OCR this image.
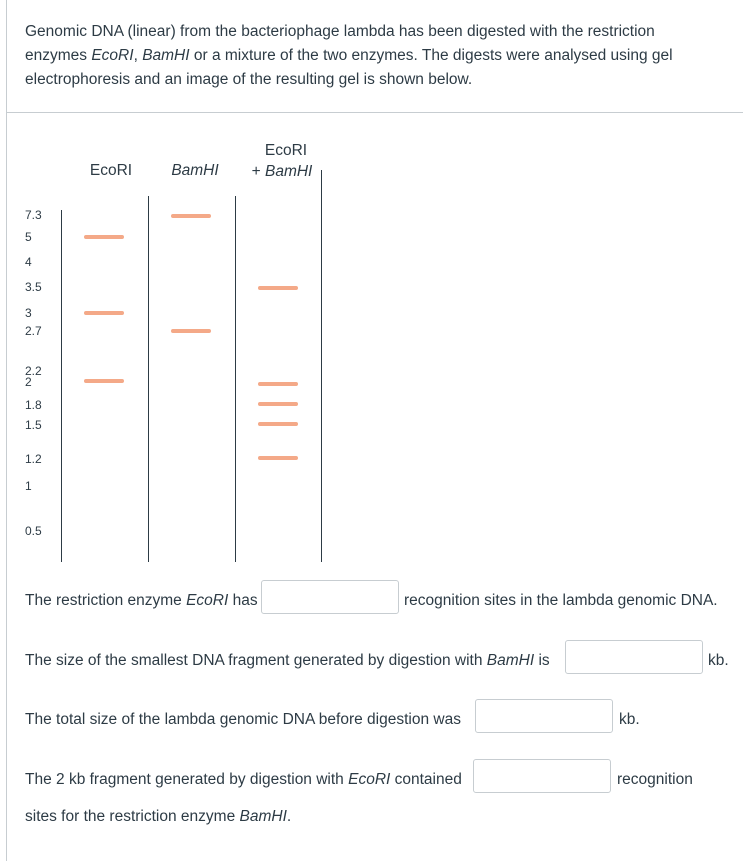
Genomic DNA (linear) from the bacteriophage lambda has been digested with the restriction
enzymes EcoRI, BamHI or a mixture of the two enzymes. The digests were analysed using gel
electrophoresis and an image of the resulting gel is shown below.

EcoRI	BamHI
EcoRI
+ BamHI
7.3
5
4
3.5
3
2.7
2.2
2
1.8
1.5
1.2
1
0.5
The restriction enzyme EcoRI has	recognition sites in the lambda genomic DNA.
The size of the smallest DNA fragment generated by digestion with BamHI is	kb.
The total size of the lambda genomic DNA before digestion was	kb.
The 2 kb fragment generated by digestion with EcoRI contained	recognition
sites for the restriction enzyme BamHI.
